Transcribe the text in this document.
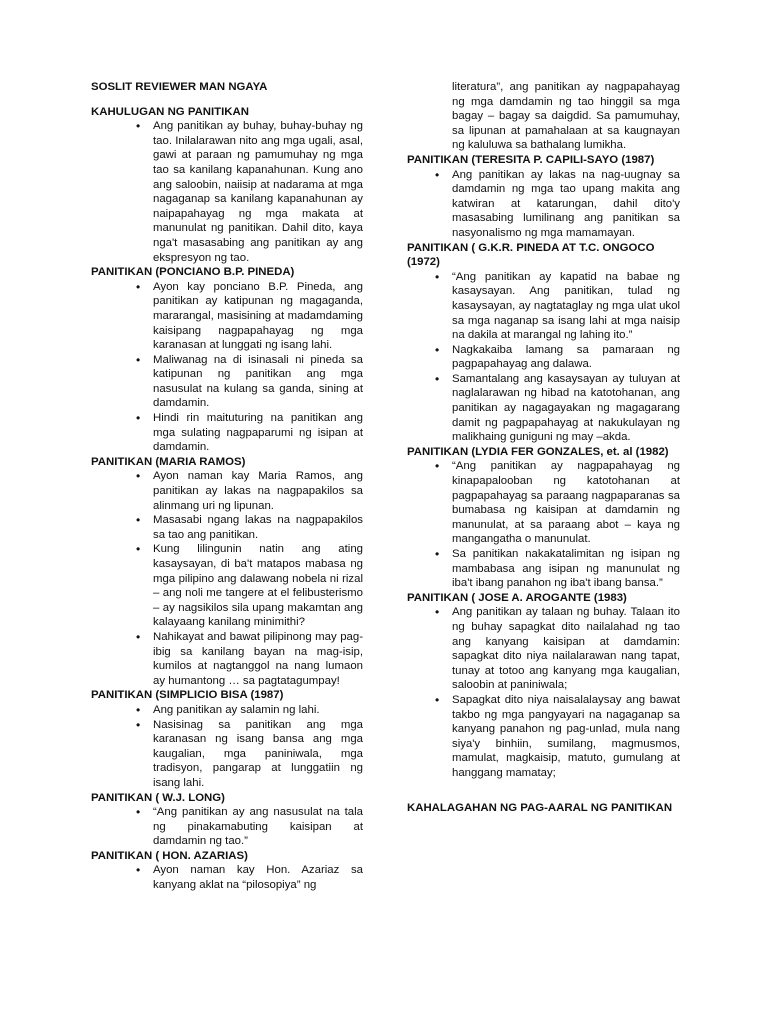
SOSLIT REVIEWER MAN NGAYA

KAHULUGAN NG PANITIKAN

• Ang panitikan ay buhay, buhay-buhay ng tao. Inilalarawan nito ang mga ugali, asal, gawi at paraan ng pamumuhay ng mga tao sa kanilang kapanahunan. Kung ano ang saloobin, naiisip at nadarama at mga nagaganap sa kanilang kapanahunan ay naipapahayag ng mga makata at manunulat ng panitikan. Dahil dito, kaya nga't masasabing ang panitikan ay ang ekspresyon ng tao.

PANITIKAN (PONCIANO B.P. PINEDA)

• Ayon kay ponciano B.P. Pineda, ang panitikan ay katipunan ng magaganda, mararangal, masisining at madamdaming kaisipang nagpapahayag ng mga karanasan at lunggati ng isang lahi.
• Maliwanag na di isinasali ni pineda sa katipunan ng panitikan ang mga nasusulat na kulang sa ganda, sining at damdamin.
• Hindi rin maituturing na panitikan ang mga sulating nagpaparumi ng isipan at damdamin.

PANITIKAN (MARIA RAMOS)

• Ayon naman kay Maria Ramos, ang panitikan ay lakas na nagpapakilos sa alinmang uri ng lipunan.
• Masasabi ngang lakas na nagpapakilos sa tao ang panitikan.
• Kung lilingunin natin ang ating kasaysayan, di ba't matapos mabasa ng mga pilipino ang dalawang nobela ni rizal – ang noli me tangere at el felibusterismo – ay nagsikilos sila upang makamtan ang kalayaang kanilang minimithi?
• Nahikayat and bawat pilipinong may pag-ibig sa kanilang bayan na mag-isip, kumilos at nagtanggol na nang lumaon ay humantong … sa pagtatagumpay!

PANITIKAN (SIMPLICIO BISA (1987)

• Ang panitikan ay salamin ng lahi.
• Nasisinag sa panitikan ang mga karanasan ng isang bansa ang mga kaugalian, mga paniniwala, mga tradisyon, pangarap at lunggatiin ng isang lahi.

PANITIKAN ( W.J. LONG)

• “Ang panitikan ay ang nasusulat na tala ng pinakamabuting kaisipan at damdamin ng tao.”

PANITIKAN ( HON. AZARIAS)

• Ayon naman kay Hon. Azariaz sa kanyang aklat na “pilosopiya” ng
literatura”, ang panitikan ay nagpapahayag ng mga damdamin ng tao hinggil sa mga bagay – bagay sa daigdid. Sa pamumuhay, sa lipunan at pamahalaan at sa kaugnayan ng kaluluwa sa bathalang lumikha.

PANITIKAN (TERESITA P. CAPILI-SAYO (1987)

• Ang panitikan ay lakas na nag-uugnay sa damdamin ng mga tao upang makita ang katwiran at katarungan, dahil dito'y masasabing lumilinang ang panitikan sa nasyonalismo ng mga mamamayan.

PANITIKAN ( G.K.R. PINEDA AT T.C. ONGOCO (1972)

• “Ang panitikan ay kapatid na babae ng kasaysayan. Ang panitikan, tulad ng kasaysayan, ay nagtataglay ng mga ulat ukol sa mga naganap sa isang lahi at mga naisip na dakila at marangal ng lahing ito.”
• Nagkakaiba lamang sa pamaraan ng pagpapahayag ang dalawa.
• Samantalang ang kasaysayan ay tuluyan at naglalarawan ng hibad na katotohanan, ang panitikan ay nagagayakan ng magagarang damit ng pagpapahayag at nakukulayan ng malikhaing guniguni ng may –akda.

PANITIKAN (LYDIA FER GONZALES, et. al (1982)

• “Ang panitikan ay nagpapahayag ng kinapapalooban ng katotohanan at pagpapahayag sa paraang nagpaparanas sa bumabasa ng kaisipan at damdamin ng manunulat, at sa paraang abot – kaya ng mangangatha o manunulat.
• Sa panitikan nakakatalimitan ng isipan ng mambabasa ang isipan ng manunulat ng iba't ibang panahon ng iba't ibang bansa.”

PANITIKAN ( JOSE A. AROGANTE (1983)

• Ang panitikan ay talaan ng buhay. Talaan ito ng buhay sapagkat dito nailalahad ng tao ang kanyang kaisipan at damdamin: sapagkat dito niya nailalarawan nang tapat, tunay at totoo ang kanyang mga kaugalian, saloobin at paniniwala;
• Sapagkat dito niya naisalalaysay ang bawat takbo ng mga pangyayari na nagaganap sa kanyang panahon ng pag-unlad, mula nang siya'y binhiin, sumilang, magmusmos, mamulat, magkaisip, matuto, gumulang at hanggang mamatay;

KAHALAGAHAN NG PAG-AARAL NG PANITIKAN
